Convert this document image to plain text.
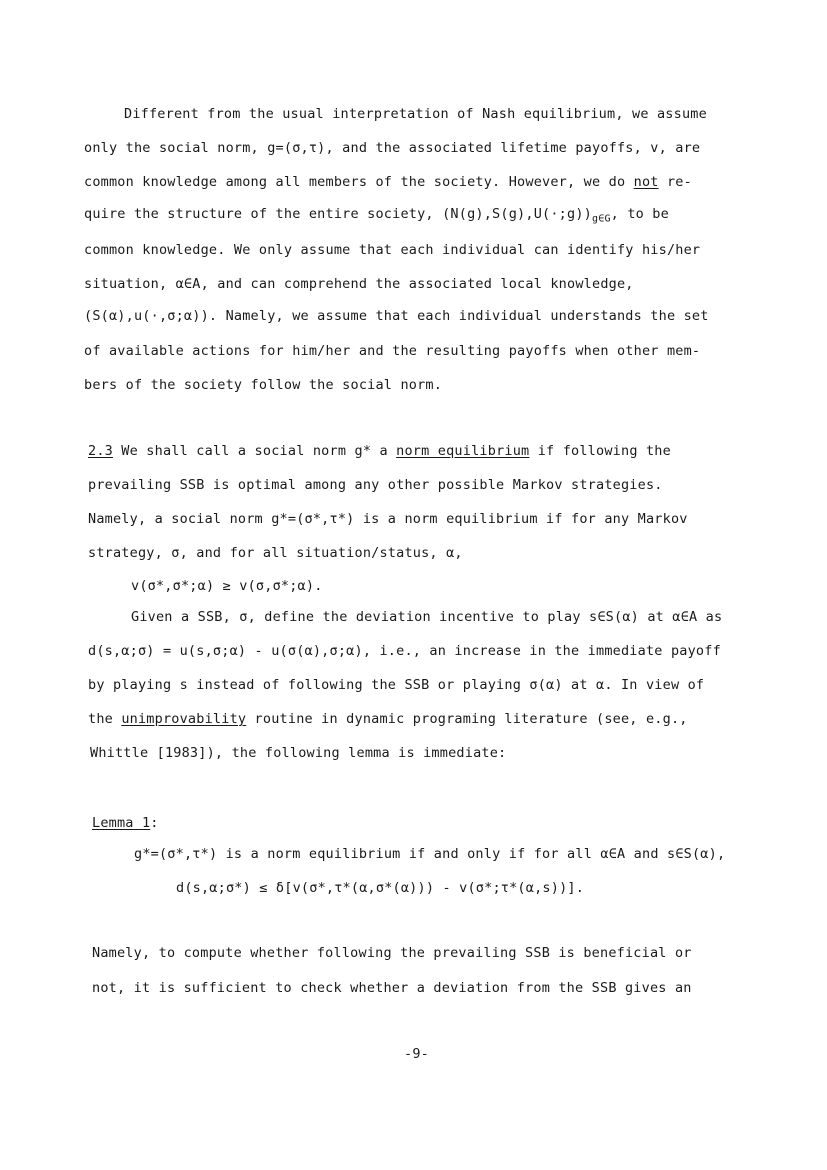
Different from the usual interpretation of Nash equilibrium, we assume
only the social norm, g=(σ,τ), and the associated lifetime payoffs, v, are
common knowledge among all members of the society. However, we do not re-
quire the structure of the entire society, $(N(g),S(g),U(\cdot;g))_{g\in G}$, to be
common knowledge. We only assume that each individual can identify his/her
situation, α∈A, and can comprehend the associated local knowledge,
(S(α),u(·,σ;α)). Namely, we assume that each individual understands the set
of available actions for him/her and the resulting payoffs when other mem-
bers of the society follow the social norm.
2.3 We shall call a social norm g* a norm equilibrium if following the
prevailing SSB is optimal among any other possible Markov strategies.
Namely, a social norm g*=(σ*,τ*) is a norm equilibrium if for any Markov
strategy, σ, and for all situation/status, α,
v(σ*,σ*;α) ≥ v(σ,σ*;α).
Given a SSB, σ, define the deviation incentive to play s∈S(α) at α∈A as
d(s,α;σ) = u(s,σ;α) - u(σ(α),σ;α), i.e., an increase in the immediate payoff
by playing s instead of following the SSB or playing σ(α) at α. In view of
the unimprovability routine in dynamic programing literature (see, e.g.,
Whittle [1983]), the following lemma is immediate:
Lemma 1:
g*=(σ*,τ*) is a norm equilibrium if and only if for all α∈A and s∈S(α),
d(s,α;σ*) ≤ δ[v(σ*,τ*(α,σ*(α))) - v(σ*;τ*(α,s))].
Namely, to compute whether following the prevailing SSB is beneficial or
not, it is sufficient to check whether a deviation from the SSB gives an
-9-
